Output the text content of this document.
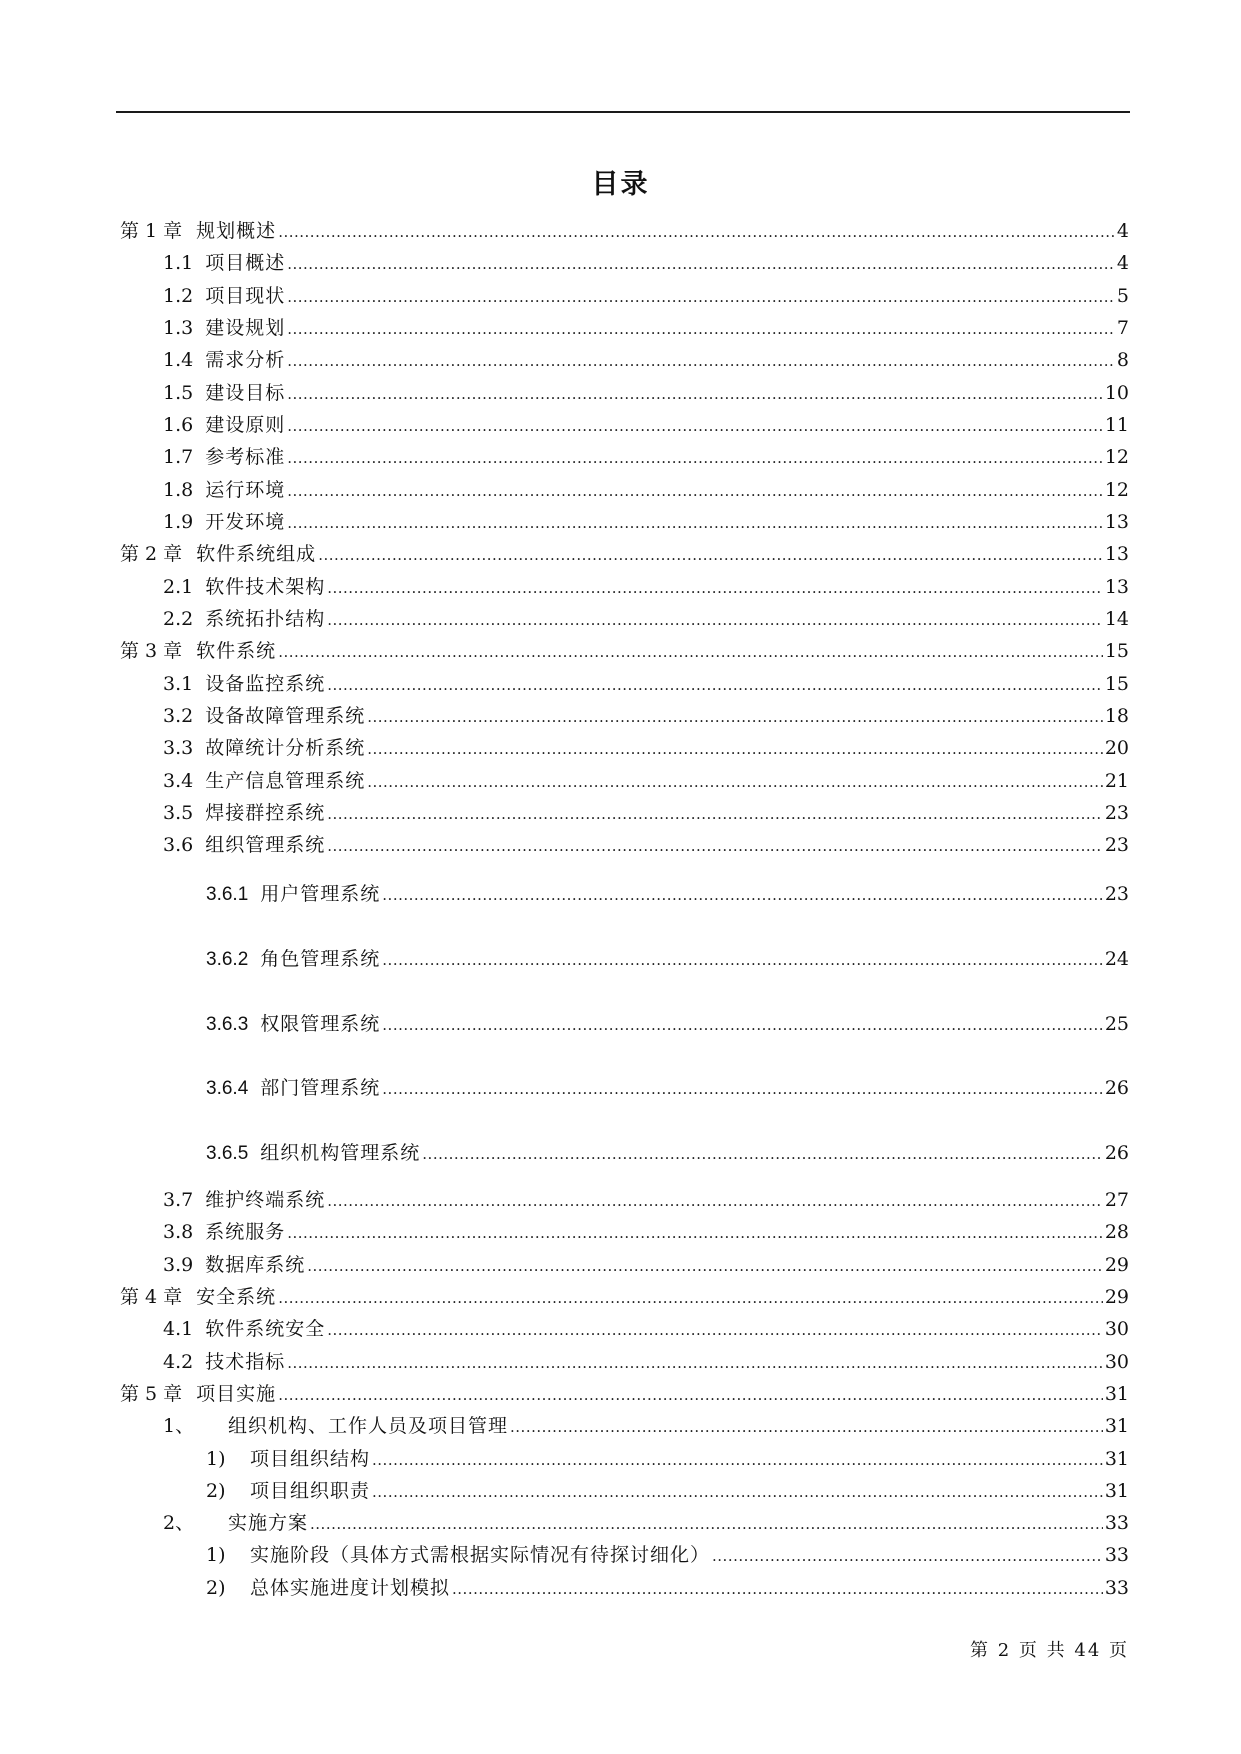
目录
第 1 章 规划概述 .....	4
1.1 项目概述 .....	4
1.2 项目现状 .....	5
1.3 建设规划 .....	7
1.4 需求分析 .....	8
1.5 建设目标 .....	10
1.6 建设原则 .....	11
1.7 参考标准 .....	12
1.8 运行环境 .....	12
1.9 开发环境 .....	13
第 2 章 软件系统组成 .....	13
2.1 软件技术架构 .....	13
2.2 系统拓扑结构 .....	14
第 3 章 软件系统 .....	15
3.1 设备监控系统 .....	15
3.2 设备故障管理系统 .....	18
3.3 故障统计分析系统 .....	20
3.4 生产信息管理系统 .....	21
3.5 焊接群控系统 .....	23
3.6 组织管理系统 .....	23
3.6.1 用户管理系统 .....	23
3.6.2 角色管理系统 .....	24
3.6.3 权限管理系统 .....	25
3.6.4 部门管理系统 .....	26
3.6.5 组织机构管理系统 .....	26
3.7 维护终端系统 .....	27
3.8 系统服务 .....	28
3.9 数据库系统 .....	29
第 4 章 安全系统 .....	29
4.1 软件系统安全 .....	30
4.2 技术指标 .....	30
第 5 章 项目实施 .....	31
1、	组织机构、工作人员及项目管理 .....	31
1)	项目组织结构 .....	31
2)	项目组织职责 .....	31
2、	实施方案 .....	33
1)	实施阶段（具体方式需根据实际情况有待探讨细化） .....	33
2)	总体实施进度计划模拟 .....	33
第 2 页 共 44 页
